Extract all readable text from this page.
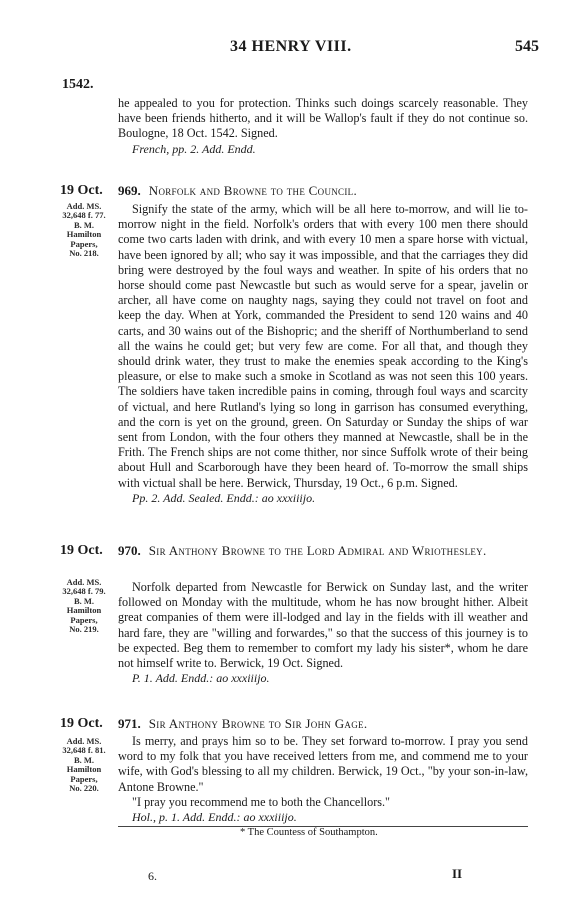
34 HENRY VIII.	545
1542.
he appealed to you for protection. Thinks such doings scarcely reasonable. They have been friends hitherto, and it will be Wallop's fault if they do not continue so. Boulogne, 18 Oct. 1542. Signed.
French, pp. 2. Add. Endd.
19 Oct.
Add. MS.
32,648 f. 77.
B. M.
Hamilton
Papers,
No. 218.
969. Norfolk and Browne to the Council.
Signify the state of the army, which will be all here to-morrow, and will lie to-morrow night in the field. Norfolk's orders that with every 100 men there should come two carts laden with drink, and with every 10 men a spare horse with victual, have been ignored by all; who say it was impossible, and that the carriages they did bring were destroyed by the foul ways and weather. In spite of his orders that no horse should come past Newcastle but such as would serve for a spear, javelin or archer, all have come on naughty nags, saying they could not travel on foot and keep the day. When at York, commanded the President to send 120 wains and 40 carts, and 30 wains out of the Bishopric; and the sheriff of Northumberland to send all the wains he could get; but very few are come. For all that, and though they should drink water, they trust to make the enemies speak according to the King's pleasure, or else to make such a smoke in Scotland as was not seen this 100 years. The soldiers have taken incredible pains in coming, through foul ways and scarcity of victual, and here Rutland's lying so long in garrison has consumed everything, and the corn is yet on the ground, green. On Saturday or Sunday the ships of war sent from London, with the four others they manned at Newcastle, shall be in the Frith. The French ships are not come thither, nor since Suffolk wrote of their being about Hull and Scarborough have they been heard of. To-morrow the small ships with victual shall be here. Berwick, Thursday, 19 Oct., 6 p.m. Signed.
Pp. 2. Add. Sealed. Endd.: ao xxxiiijo.
19 Oct.
Add. MS.
32,648 f. 79.
B. M.
Hamilton
Papers,
No. 219.
970. Sir Anthony Browne to the Lord Admiral and Wriothesley.
Norfolk departed from Newcastle for Berwick on Sunday last, and the writer followed on Monday with the multitude, whom he has now brought hither. Albeit great companies of them were ill-lodged and lay in the fields with ill weather and hard fare, they are "willing and forwardes," so that the success of this journey is to be expected. Beg them to remember to comfort my lady his sister*, whom he dare not himself write to. Berwick, 19 Oct. Signed.
P. 1. Add. Endd.: ao xxxiiijo.
19 Oct.
Add. MS.
32,648 f. 81.
B. M.
Hamilton
Papers,
No. 220.
971. Sir Anthony Browne to Sir John Gage.
Is merry, and prays him so to be. They set forward to-morrow. I pray you send word to my folk that you have received letters from me, and commend me to your wife, with God's blessing to all my children. Berwick, 19 Oct., "by your son-in-law, Antone Browne."
"I pray you recommend me to both the Chancellors."
Hol., p. 1. Add. Endd.: ao xxxiiijo.
* The Countess of Southampton.
6.	II
